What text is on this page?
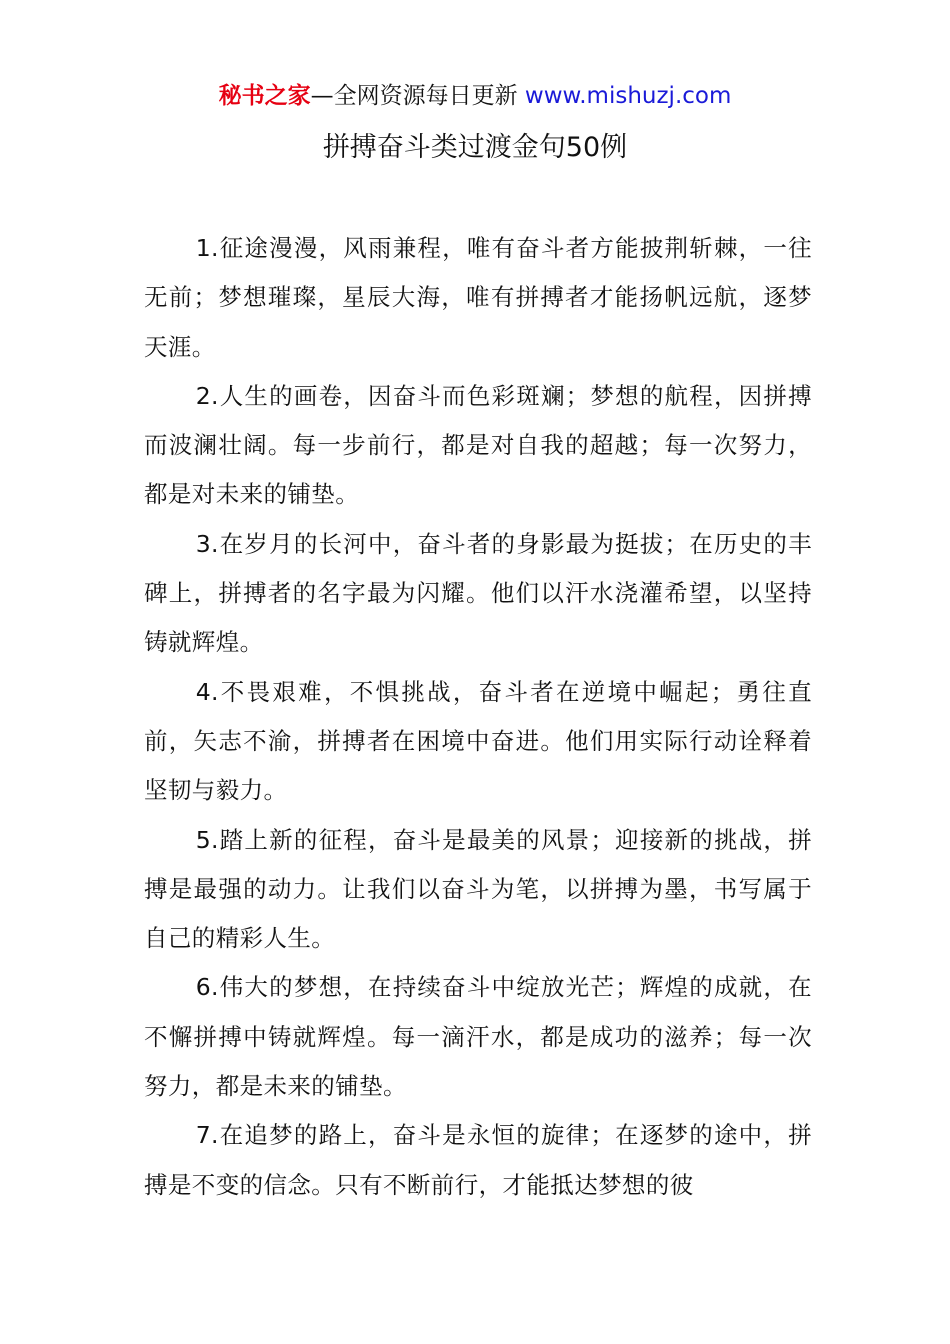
秘书之家—全网资源每日更新 www.mishuzj.com
拼搏奋斗类过渡金句50例

1.征途漫漫，风雨兼程，唯有奋斗者方能披荆斩棘，一往无前；梦想璀璨，星辰大海，唯有拼搏者才能扬帆远航，逐梦天涯。

2.人生的画卷，因奋斗而色彩斑斓；梦想的航程，因拼搏而波澜壮阔。每一步前行，都是对自我的超越；每一次努力，都是对未来的铺垫。

3.在岁月的长河中，奋斗者的身影最为挺拔；在历史的丰碑上，拼搏者的名字最为闪耀。他们以汗水浇灌希望，以坚持铸就辉煌。

4.不畏艰难，不惧挑战，奋斗者在逆境中崛起；勇往直前，矢志不渝，拼搏者在困境中奋进。他们用实际行动诠释着坚韧与毅力。

5.踏上新的征程，奋斗是最美的风景；迎接新的挑战，拼搏是最强的动力。让我们以奋斗为笔，以拼搏为墨，书写属于自己的精彩人生。

6.伟大的梦想，在持续奋斗中绽放光芒；辉煌的成就，在不懈拼搏中铸就辉煌。每一滴汗水，都是成功的滋养；每一次努力，都是未来的铺垫。

7.在追梦的路上，奋斗是永恒的旋律；在逐梦的途中，拼搏是不变的信念。只有不断前行，才能抵达梦想的彼
